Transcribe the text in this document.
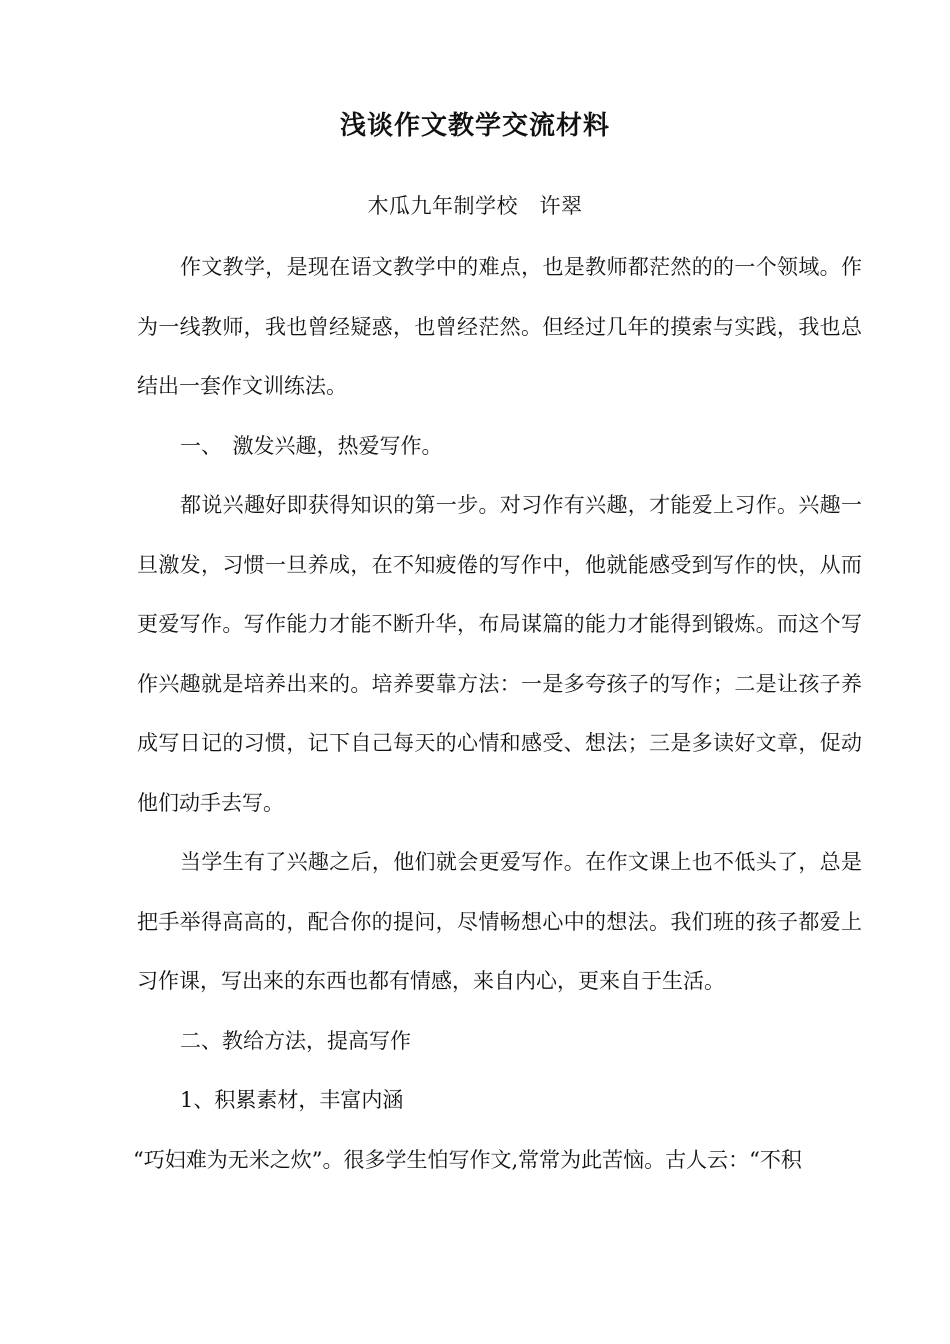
浅谈作文教学交流材料
木瓜九年制学校　许翠

作文教学，是现在语文教学中的难点，也是教师都茫然的的一个领域。作为一线教师，我也曾经疑惑，也曾经茫然。但经过几年的摸索与实践，我也总结出一套作文训练法。

一、　激发兴趣，热爱写作。

都说兴趣好即获得知识的第一步。对习作有兴趣，才能爱上习作。兴趣一旦激发，习惯一旦养成，在不知疲倦的写作中，他就能感受到写作的快，从而更爱写作。写作能力才能不断升华，布局谋篇的能力才能得到锻炼。而这个写作兴趣就是培养出来的。培养要靠方法：一是多夸孩子的写作；二是让孩子养成写日记的习惯，记下自己每天的心情和感受、想法；三是多读好文章，促动他们动手去写。

当学生有了兴趣之后，他们就会更爱写作。在作文课上也不低头了，总是把手举得高高的，配合你的提问，尽情畅想心中的想法。我们班的孩子都爱上习作课，写出来的东西也都有情感，来自内心，更来自于生活。

二、教给方法，提高写作

1、积累素材，丰富内涵

“巧妇难为无米之炊”。很多学生怕写作文,常常为此苦恼。古人云：“不积
